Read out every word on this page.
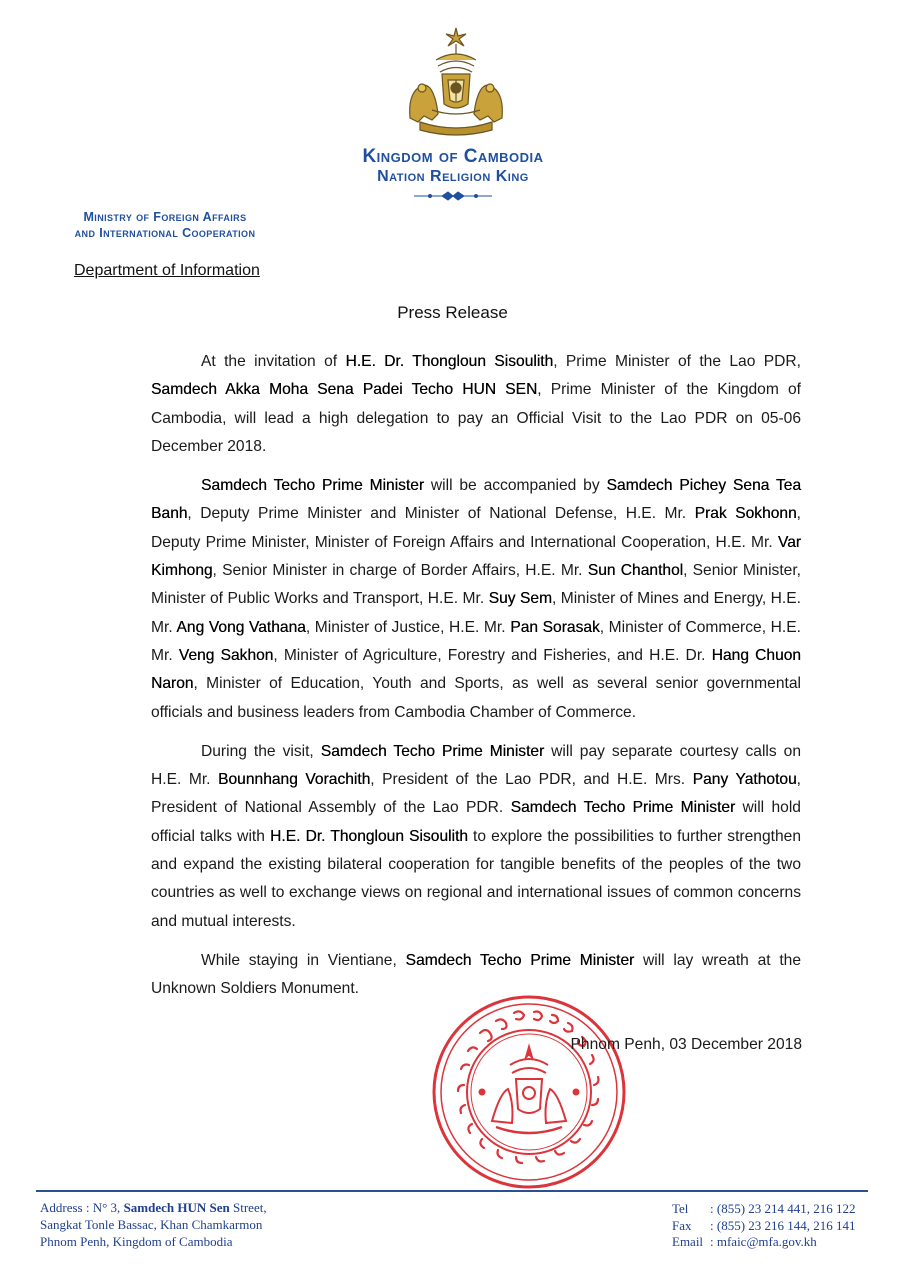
Kingdom of Cambodia
Nation Religion King
Ministry of Foreign Affairs
and International Cooperation
Department of Information
Press Release

At the invitation of H.E. Dr. Thongloun Sisoulith, Prime Minister of the Lao PDR, Samdech Akka Moha Sena Padei Techo HUN SEN, Prime Minister of the Kingdom of Cambodia, will lead a high delegation to pay an Official Visit to the Lao PDR on 05-06 December 2018.

Samdech Techo Prime Minister will be accompanied by Samdech Pichey Sena Tea Banh, Deputy Prime Minister and Minister of National Defense, H.E. Mr. Prak Sokhonn, Deputy Prime Minister, Minister of Foreign Affairs and International Cooperation, H.E. Mr. Var Kimhong, Senior Minister in charge of Border Affairs, H.E. Mr. Sun Chanthol, Senior Minister, Minister of Public Works and Transport, H.E. Mr. Suy Sem, Minister of Mines and Energy, H.E. Mr. Ang Vong Vathana, Minister of Justice, H.E. Mr. Pan Sorasak, Minister of Commerce, H.E. Mr. Veng Sakhon, Minister of Agriculture, Forestry and Fisheries, and H.E. Dr. Hang Chuon Naron, Minister of Education, Youth and Sports, as well as several senior governmental officials and business leaders from Cambodia Chamber of Commerce.

During the visit, Samdech Techo Prime Minister will pay separate courtesy calls on H.E. Mr. Bounnhang Vorachith, President of the Lao PDR, and H.E. Mrs. Pany Yathotou, President of National Assembly of the Lao PDR. Samdech Techo Prime Minister will hold official talks with H.E. Dr. Thongloun Sisoulith to explore the possibilities to further strengthen and expand the existing bilateral cooperation for tangible benefits of the peoples of the two countries as well to exchange views on regional and international issues of common concerns and mutual interests.

While staying in Vientiane, Samdech Techo Prime Minister will lay wreath at the Unknown Soldiers Monument.

Phnom Penh, 03 December 2018
Address : N° 3, Samdech HUN Sen Street,
Sangkat Tonle Bassac, Khan Chamkarmon
Phnom Penh, Kingdom of Cambodia
Tel	: (855) 23 214 441, 216 122
Fax	: (855) 23 216 144, 216 141
Email : mfaic@mfa.gov.kh
